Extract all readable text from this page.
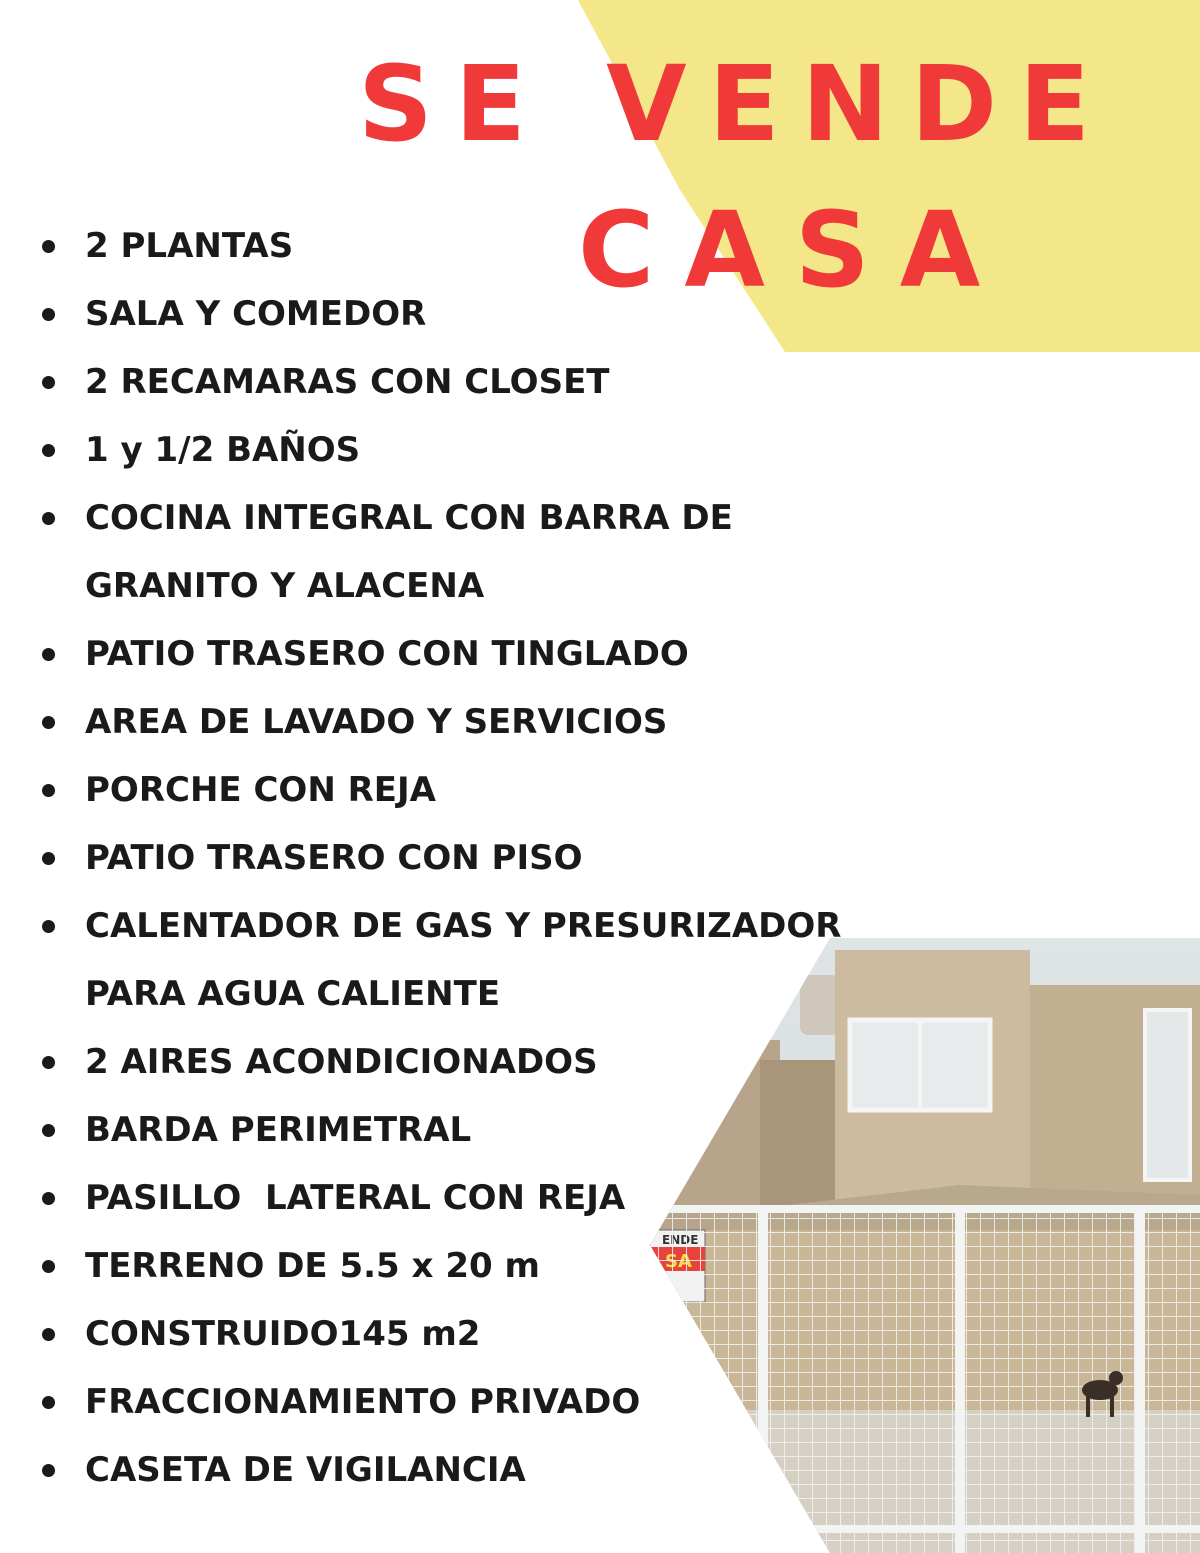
SE VENDE
CASA
2 PLANTAS
SALA Y COMEDOR
2 RECAMARAS CON CLOSET
1 y 1/2 BAÑOS
COCINA INTEGRAL CON BARRA DE
GRANITO Y ALACENA
PATIO TRASERO CON TINGLADO
AREA DE LAVADO Y SERVICIOS
PORCHE CON REJA
PATIO TRASERO CON PISO
CALENTADOR DE GAS Y PRESURIZADOR
PARA AGUA CALIENTE
2 AIRES ACONDICIONADOS
BARDA PERIMETRAL
PASILLO  LATERAL CON REJA
TERRENO DE 5.5 x 20 m
CONSTRUIDO145 m2
FRACCIONAMIENTO PRIVADO
CASETA DE VIGILANCIA
